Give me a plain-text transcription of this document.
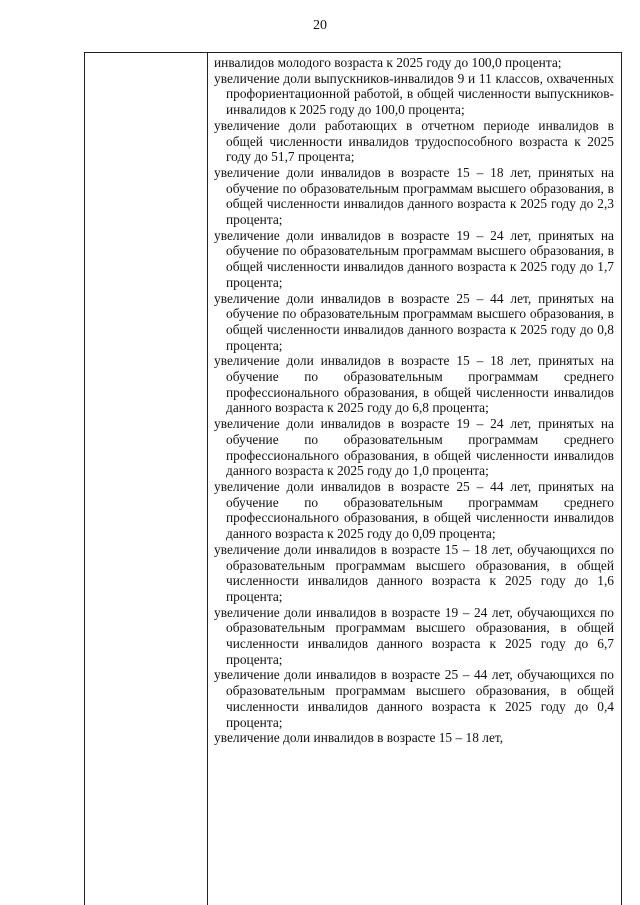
20

инвалидов молодого возраста к 2025 году до 100,0 процента;

увеличение доли выпускников-инвалидов 9 и 11 классов, охваченных профориентационной работой, в общей численности выпускников-инвалидов к 2025 году до 100,0 процента;

увеличение доли работающих в отчетном периоде инвалидов в общей численности инвалидов трудоспособного возраста к 2025 году до 51,7 процента;

увеличение доли инвалидов в возрасте 15 – 18 лет, принятых на обучение по образовательным программам высшего образования, в общей численности инвалидов данного возраста к 2025 году до 2,3 процента;

увеличение доли инвалидов в возрасте 19 – 24 лет, принятых на обучение по образовательным программам высшего образования, в общей численности инвалидов данного возраста к 2025 году до 1,7 процента;

увеличение доли инвалидов в возрасте 25 – 44 лет, принятых на обучение по образовательным программам высшего образования, в общей численности инвалидов данного возраста к 2025 году до 0,8 процента;

увеличение доли инвалидов в возрасте 15 – 18 лет, принятых на обучение по образовательным программам среднего профессионального образования, в общей численности инвалидов данного возраста к 2025 году до 6,8 процента;

увеличение доли инвалидов в возрасте 19 – 24 лет, принятых на обучение по образовательным программам среднего профессионального образования, в общей численности инвалидов данного возраста к 2025 году до 1,0 процента;

увеличение доли инвалидов в возрасте 25 – 44 лет, принятых на обучение по образовательным программам среднего профессионального образования, в общей численности инвалидов данного возраста к 2025 году до 0,09 процента;

увеличение доли инвалидов в возрасте 15 – 18 лет, обучающихся по образовательным программам высшего образования, в общей численности инвалидов данного возраста к 2025 году до 1,6 процента;

увеличение доли инвалидов в возрасте 19 – 24 лет, обучающихся по образовательным программам высшего образования, в общей численности инвалидов данного возраста к 2025 году до 6,7 процента;

увеличение доли инвалидов в возрасте 25 – 44 лет, обучающихся по образовательным программам высшего образования, в общей численности инвалидов данного возраста к 2025 году до 0,4 процента;

увеличение доли инвалидов в возрасте 15 – 18 лет,
